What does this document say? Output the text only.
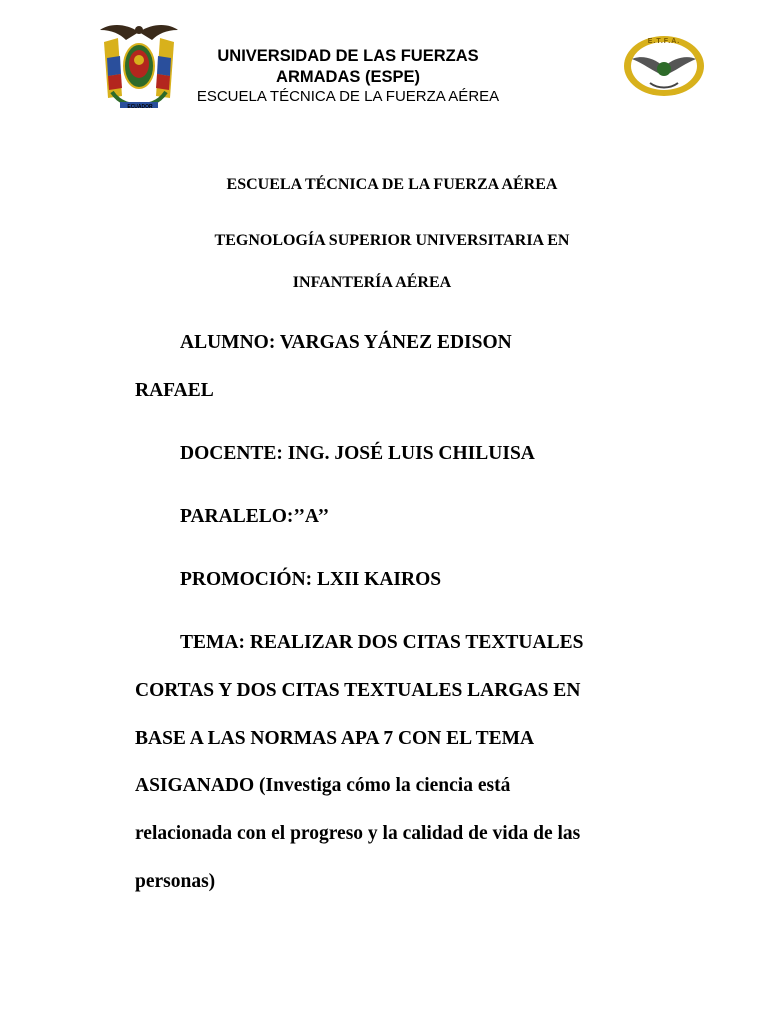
ECUADOR
UNIVERSIDAD DE LAS FUERZAS
ARMADAS (ESPE)
ESCUELA TÉCNICA DE LA FUERZA AÉREA
E.T.F.A.
ESCUELA TÉCNICA DE LA FUERZA AÉREA
TEGNOLOGÍA SUPERIOR UNIVERSITARIA EN
INFANTERÍA AÉREA
ALUMNO: VARGAS YÁNEZ EDISON
RAFAEL
DOCENTE: ING. JOSÉ LUIS CHILUISA
PARALELO:’’A’’
PROMOCIÓN: LXII KAIROS
TEMA: REALIZAR DOS CITAS TEXTUALES
CORTAS Y DOS CITAS TEXTUALES LARGAS EN
BASE A LAS NORMAS APA 7 CON EL TEMA
ASIGANADO (Investiga cómo la ciencia está
relacionada con el progreso y la calidad de vida de las
personas)
